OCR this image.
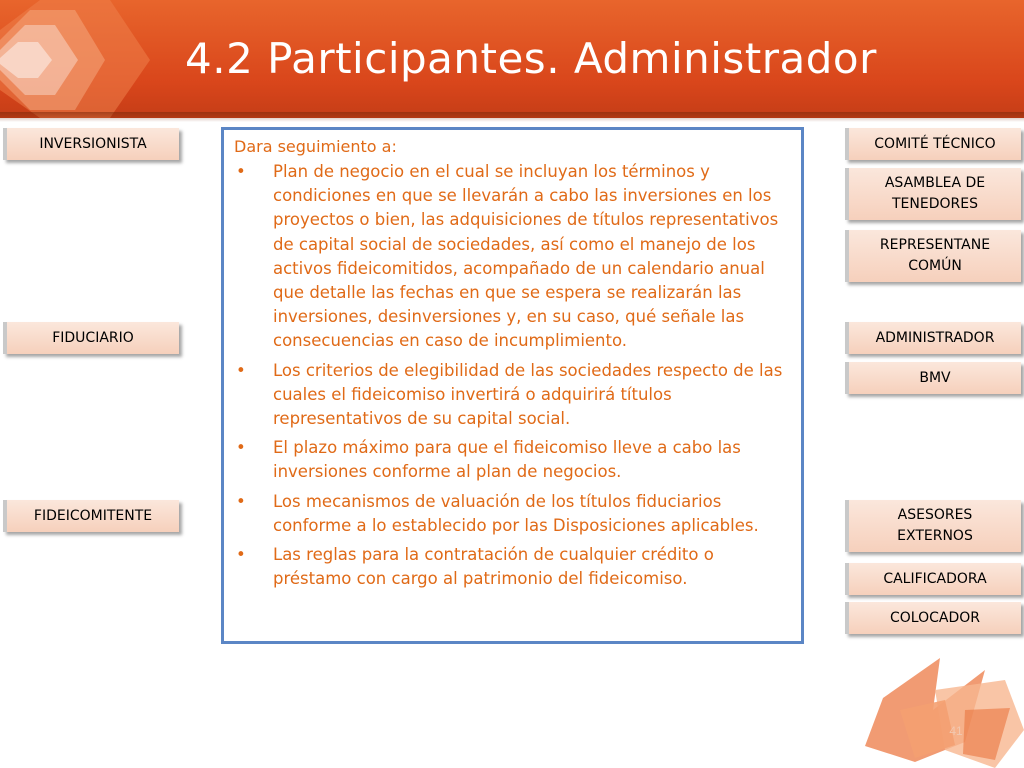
4.2 Participantes. Administrador
INVERSIONISTA
FIDUCIARIO
FIDEICOMITENTE
COMITÉ TÉCNICO
ASAMBLEA DE
TENEDORES
REPRESENTANE
COMÚN
ADMINISTRADOR
BMV
ASESORES
EXTERNOS
CALIFICADORA
COLOCADOR
Dara seguimiento a:
• Plan de negocio en el cual se incluyan los términos y condiciones en que se llevarán a cabo las inversiones en los proyectos o bien, las adquisiciones de títulos representativos de capital social de sociedades, así como el manejo de los activos fideicomitidos, acompañado de un calendario anual que detalle las fechas en que se espera se realizarán las inversiones, desinversiones y, en su caso, qué señale las consecuencias en caso de incumplimiento.
• Los criterios de elegibilidad de las sociedades respecto de las cuales el fideicomiso invertirá o adquirirá títulos representativos de su capital social.
• El plazo máximo para que el fideicomiso lleve a cabo las inversiones conforme al plan de negocios.
• Los mecanismos de valuación de los títulos fiduciarios conforme a lo establecido por las Disposiciones aplicables.
• Las reglas para la contratación de cualquier crédito o préstamo con cargo al patrimonio del fideicomiso.
41
